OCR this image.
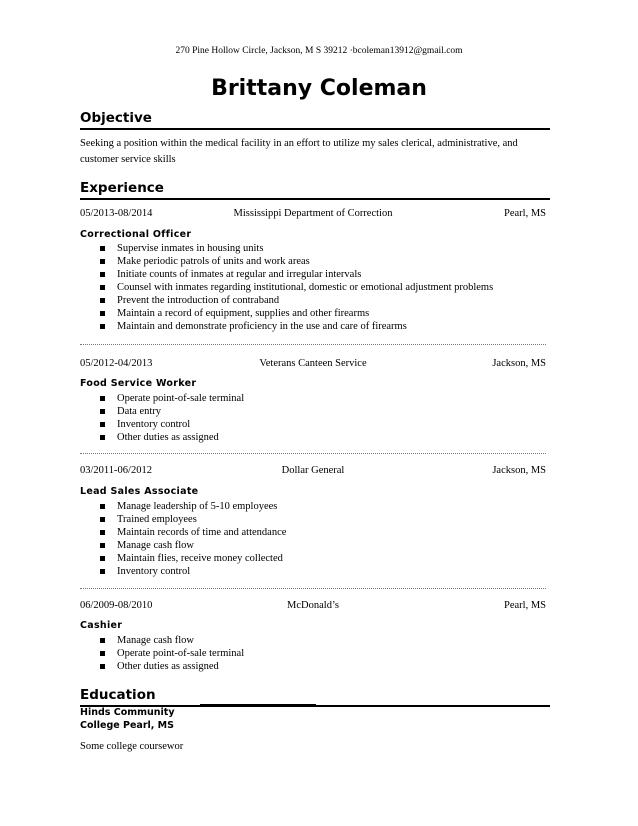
270 Pine Hollow Circle, Jackson, M S 39212 ·bcoleman13912@gmail.com
Brittany Coleman
Objective
Seeking a position within the medical facility in an effort to utilize my sales clerical, administrative, and customer service skills
Experience
05/2013-08/2014	Mississippi Department of Correction	Pearl, MS
Correctional Officer
Supervise inmates in housing units
Make periodic patrols of units and work areas
Initiate counts of inmates at regular and irregular intervals
Counsel with inmates regarding institutional, domestic or emotional adjustment problems
Prevent the introduction of contraband
Maintain a record of equipment, supplies and other firearms
Maintain and demonstrate proficiency in the use and care of firearms
05/2012-04/2013	Veterans Canteen Service	Jackson, MS
Food Service Worker
Operate point-of-sale terminal
Data entry
Inventory control
Other duties as assigned
03/2011-06/2012	Dollar General	Jackson, MS
Lead Sales Associate
Manage leadership of 5-10 employees
Trained employees
Maintain records of time and attendance
Manage cash flow
Maintain flies, receive money collected
Inventory control
06/2009-08/2010	McDonald’s	Pearl, MS
Cashier
Manage cash flow
Operate point-of-sale terminal
Other duties as assigned
Education
Hinds Community
College Pearl, MS
Some college coursewor
